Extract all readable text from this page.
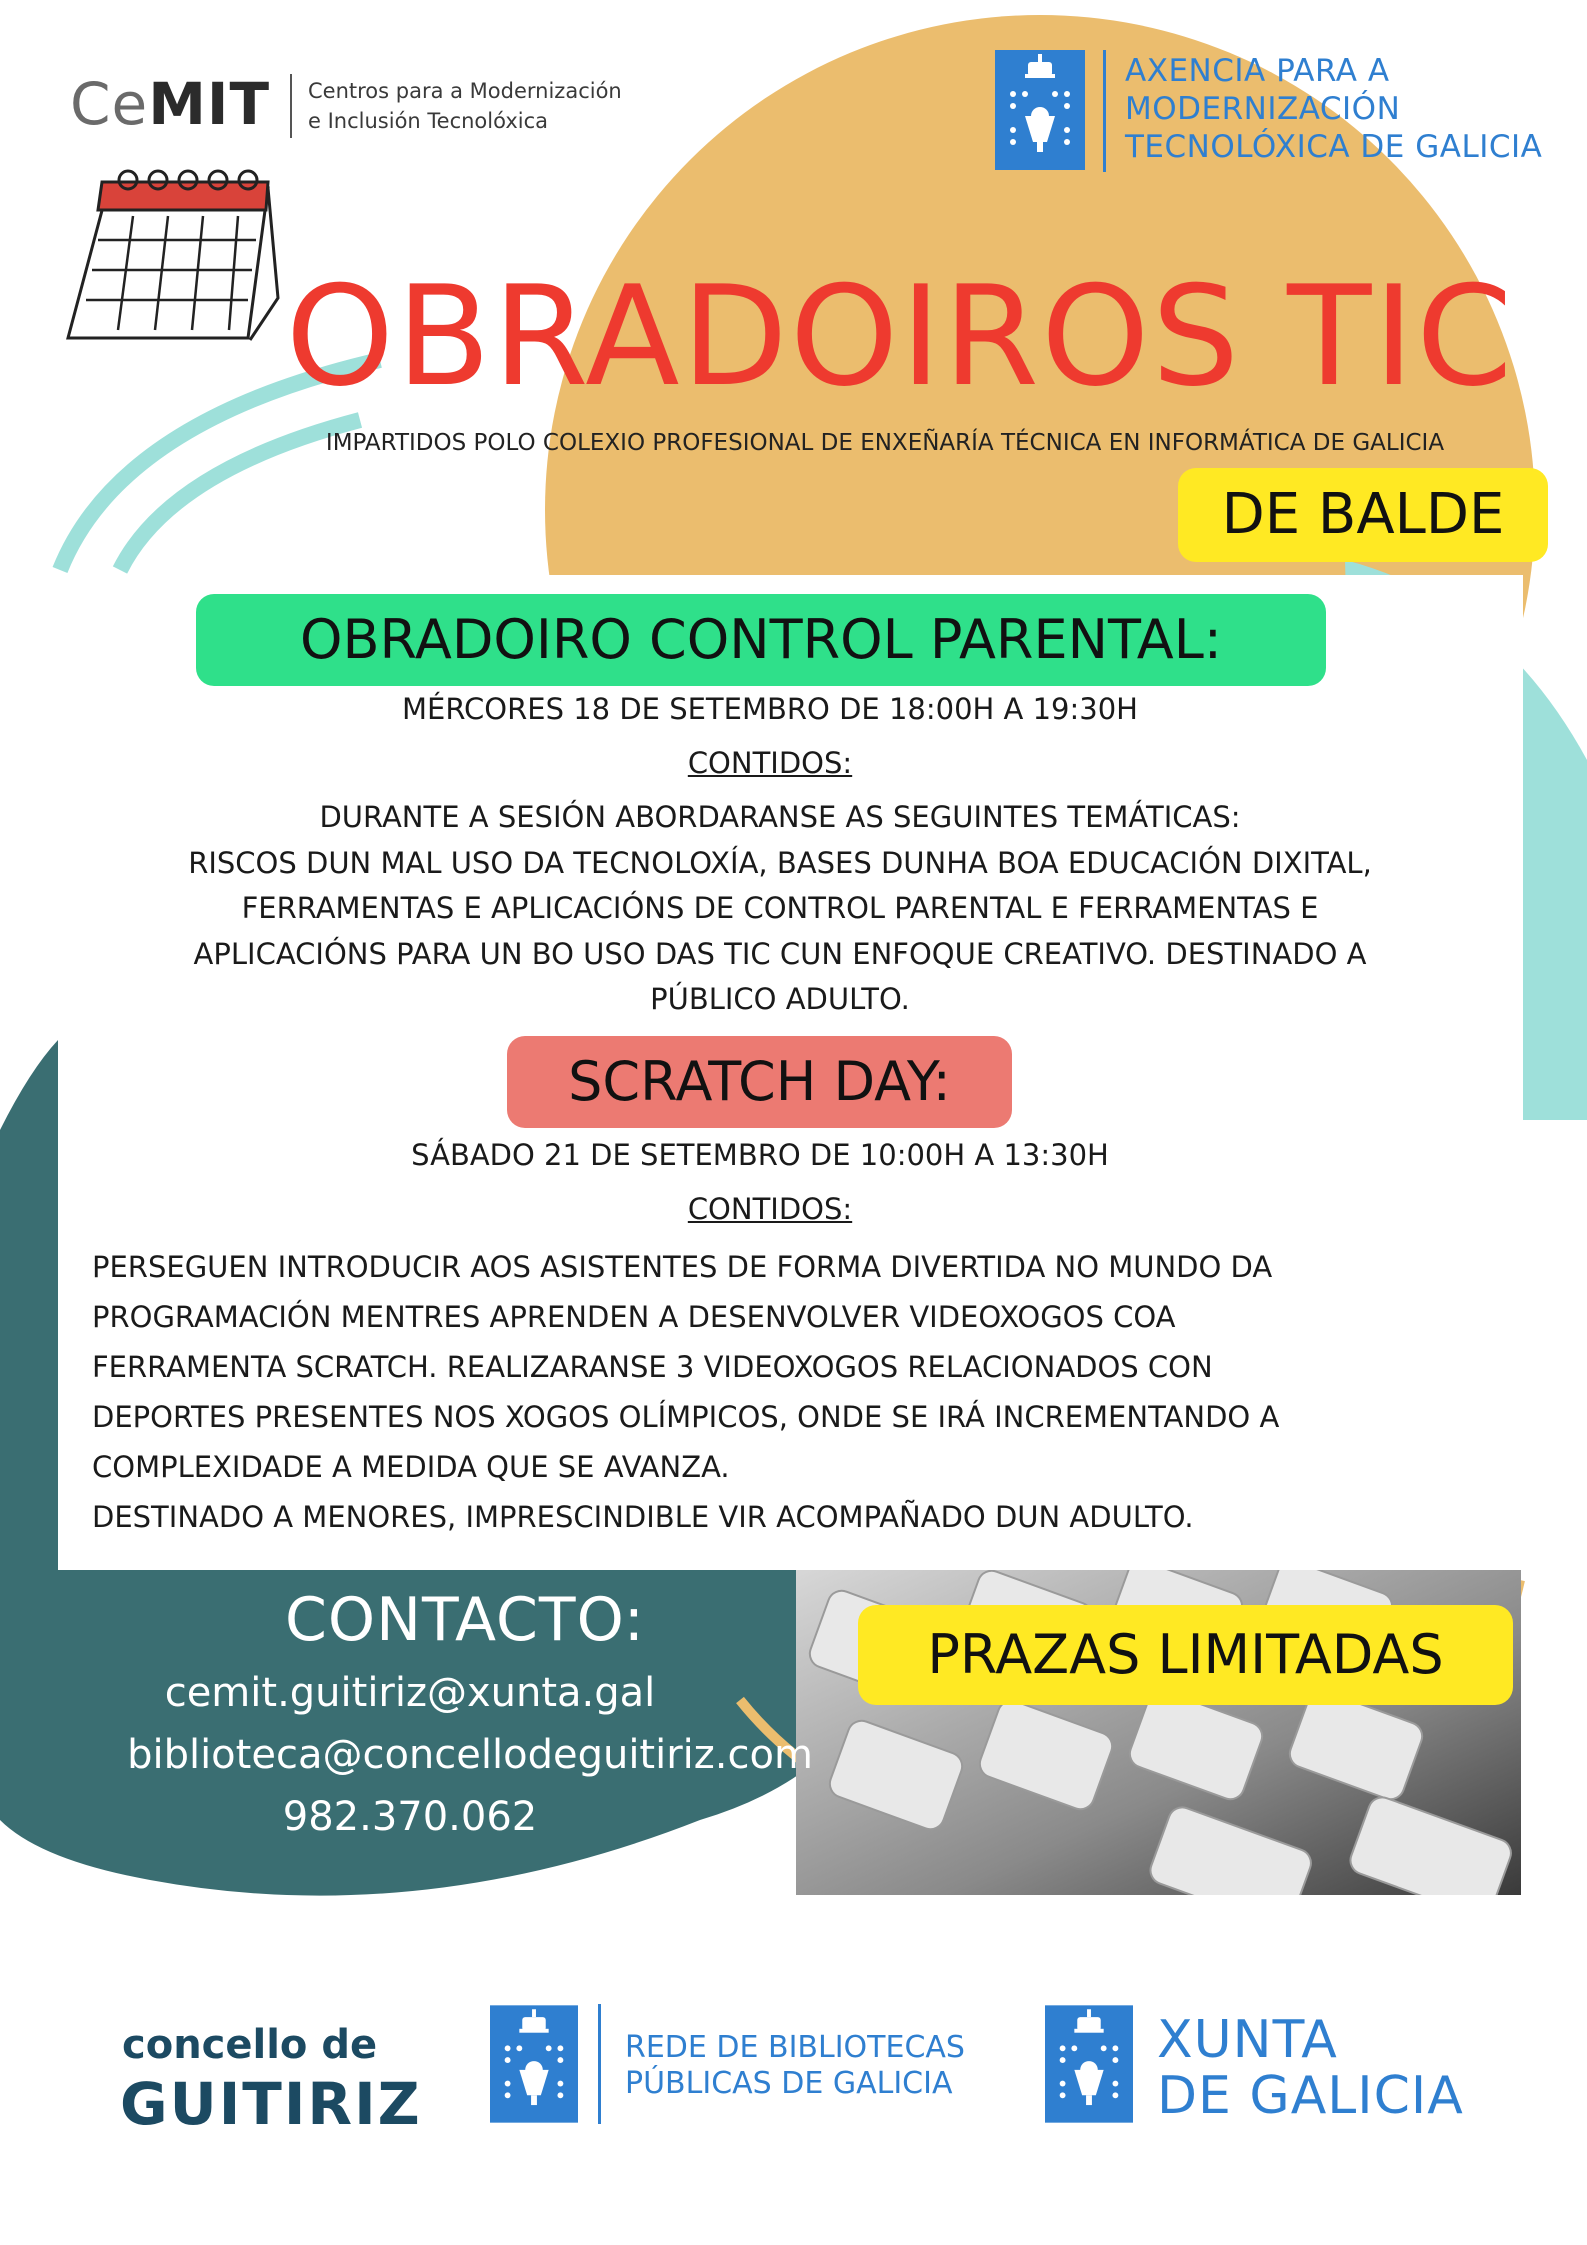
CeMIT Centros para a Modernización
e Inclusión Tecnolóxica
AXENCIA PARA A
MODERNIZACIÓN
TECNOLÓXICA DE GALICIA
OBRADOIROS TIC
IMPARTIDOS POLO COLEXIO PROFESIONAL DE ENXEÑARÍA TÉCNICA EN INFORMÁTICA DE GALICIA
DE BALDE
OBRADOIRO CONTROL PARENTAL:
MÉRCORES 18 DE SETEMBRO DE 18:00H A 19:30H
CONTIDOS:
DURANTE A SESIÓN ABORDARANSE AS SEGUINTES TEMÁTICAS:
RISCOS DUN MAL USO DA TECNOLOXÍA, BASES DUNHA BOA EDUCACIÓN DIXITAL,
FERRAMENTAS E APLICACIÓNS DE CONTROL PARENTAL E FERRAMENTAS E
APLICACIÓNS PARA UN BO USO DAS TIC CUN ENFOQUE CREATIVO. DESTINADO A
PÚBLICO ADULTO.
SCRATCH DAY:
SÁBADO 21 DE SETEMBRO DE 10:00H A 13:30H
CONTIDOS:
PERSEGUEN INTRODUCIR AOS ASISTENTES DE FORMA DIVERTIDA NO MUNDO DA
PROGRAMACIÓN MENTRES APRENDEN A DESENVOLVER VIDEOXOGOS COA
FERRAMENTA SCRATCH. REALIZARANSE 3 VIDEOXOGOS RELACIONADOS CON
DEPORTES PRESENTES NOS XOGOS OLÍMPICOS, ONDE SE IRÁ INCREMENTANDO A
COMPLEXIDADE A MEDIDA QUE SE AVANZA.
DESTINADO A MENORES, IMPRESCINDIBLE VIR ACOMPAÑADO DUN ADULTO.
CONTACTO:
cemit.guitiriz@xunta.gal
biblioteca@concellodeguitiriz.com
982.370.062
PRAZAS LIMITADAS
concello de
GUITIRIZ
REDE DE BIBLIOTECAS
PÚBLICAS DE GALICIA
XUNTA
DE GALICIA
